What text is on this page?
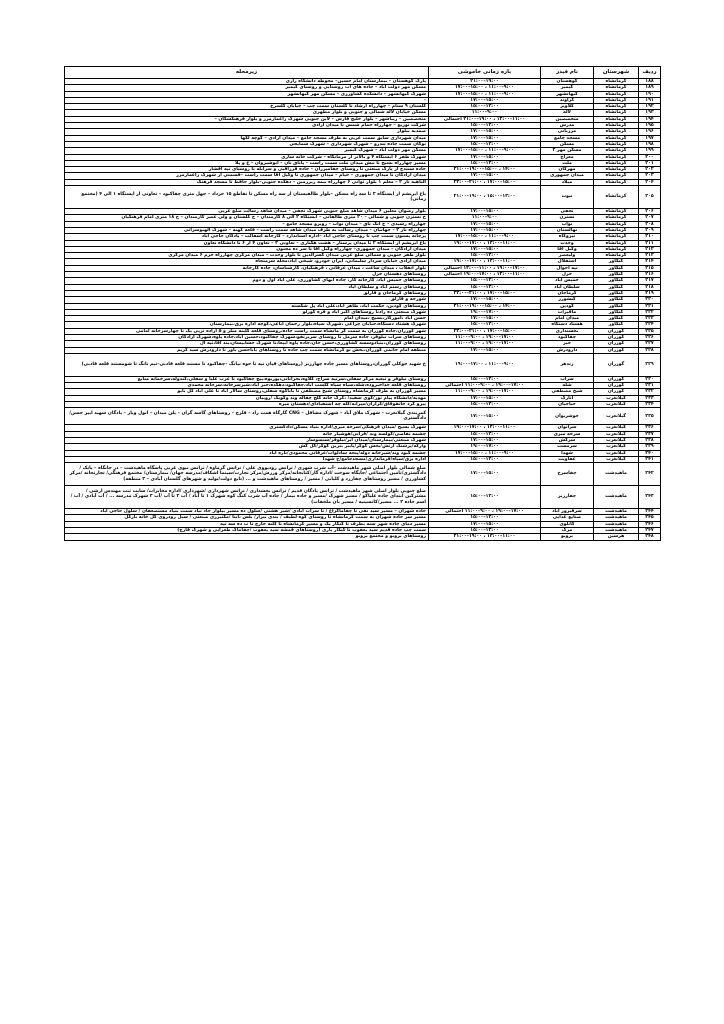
ردیف	شهرستان	نام فیدر	بازه زمانی خاموشی	زیرمحله
۱۸۸	کرمانشاه	کوهستان	۱۹:۰۰–۲۱:۰۰	پارک کوهستان – بیمارستان امام حسین– محوطه دانشگاه رازی
۱۸۹	کرمانشاه	کیمیز	۹:۰۰–۱۱:۰۰ ، ۱۵:۰۰–۱۷:۰۰	مسکن مهر دولت آباد – جاده های آب روستایی و روستای کیمیز
۱۹۰	کرمانشاه	کیهانشهر	۹:۰۰–۱۱:۰۰ ، ۱۵:۰۰–۱۷:۰۰	شهرک کیهانشهر – دانشکده کشاورزی – مسکن مهر کیهانشهر
۱۹۱	کرمانشاه	گراوند	۱۵:۰۰–۱۷:۰۰	-
۱۹۲	کرمانشاه	گلاویژ	۱۳:۰۰–۱۵:۰۰	گلستان ۹ ستام – چهارراه ارشاد تا گلستان سمت چپ – خیابان گلسرخ
۱۹۳	کرمانشاه	لاله	۹:۰۰–۱۱:۰۰	مسکن خیابان لاله شمالی و جنوبی و بلوار مطهری
۱۹۴	کرمانشاه	متخصصین	۱۱:۰۰–۱۳:۰۰ ، ۱۹:۰۰–۲۱:۰۰ احتمالی	متخصصین – زیباشهر – بلوار خلیج فارس – لاین جنوبی شهرک زاغمارمرز و بلوار فرهنگشگان –
۱۹۵	کرمانشاه	مدرس	۱۳:۰۰–۱۵:۰۰	شرکت توزیع – چهارراه حمام شمس تا میدان آزادی
۱۹۶	کرمانشاه	مرزبانی	۱۵:۰۰–۱۷:۰۰	صمدیه بیلوار
۱۹۷	کرمانشاه	مسجد جامع	۱۵:۰۰–۱۷:۰۰	میدان شهرداری سابق سمت غربی به طرف مسجد جامع – میدان آزادی – کوچه لکها
۱۹۸	کرمانشاه	مسکن	۱۳:۰۰–۱۵:۰۰	نوکان سمت جاده تندرو – شهرک شهرداری – شهرک شمایجی
۱۹۹	کرمانشاه	مسکن مهر ۲	۹:۰۰–۱۱:۰۰ ، ۱۵:۰۰–۱۷:۰۰	مسکن مهر دولت آباد – شهرک کیمیز
۲۰۰	کرمانشاه	معراج	۱۵:۰۰–۱۷:۰۰	شهرک ظفر ۶ ایستگاه ۴ و بالاتر از مرمانگاه – شرکت خانه سازی
۲۰۱	کرمانشاه	ملت	۱۳:۰۰–۱۵:۰۰	مسیر چهارراه بسیج تا نبش میدان ملت سمت راست – پاتاق نان – انوشیروان – ع و پلا
۲۰۲	کرمانشاه	مهرگان	۱۴:۰۰ ، ۱۵:۰۰–۱۹:۰۰–۲۱:۰۰	جاده سنندج از پارک صنعتی تا روستای چقامیرزان – جاده فرزاقبی و سرابله تا روستای تپه افشار
۲۰۳	کرمانشاه	میدان جمهوری	۱۵:۰۰–۱۷:۰۰	میدان آزادگان تا میدان جمهوری – خیام – میدان جمهوری تا وکیل آقا سمت راست –قسمتی از شهرک زاغمارمرز
۲۰۴	کرمانشاه	میلاد	۱۵:۰۰–۱۷:۰۰ ، ۲۱:۰۰–۲۳:۰۰	الناهیه تاز ۲ – معلم ۱ بلوار توانی ۶ چهارراه بیمه زیرزمین – دهکده جنوبی–بلوار حافظ تا مسجد فرهنگ
۲۰۵	کرمانشاه	نبوت	۱۳:۰۰–۱۵:۰۰ ، ۱۹:۰۰–۲۱:۰۰	باغ ابریشم از ایستگاه ۲ تا سه راه مسکن –بلوار طالقیستان از سه راه مسکن تا تقاطع ۱۵ خرداد – جهل متری چقاکبود – تعاونی از ایستگاه ۱ الی ۴ (مجتمع زمانی)
۲۰۶	کرمانشاه	نجفی	۱۵:۰۰–۱۷:۰۰	بلوار رضوان معلین ۶ میدان شاهد ضلع جنوبی شهرک نجفی – میدان شاهد رسالت ضلع غربی
۲۰۷	کرمانشاه	نسترن	۹:۰۰–۱۱:۰۰	خ نسترن جنوبی و شمالی – ۲۰ متری طالقانی – ایستگاه ۲ الی ۸ کارمندان – خ گلستان و ولی عصر کارمندان – خ ۱۸ متری امام فرهنگیان
۲۰۸	کرمانشاه	نواب	۱۵:۰۰–۱۷:۰۰	چهارراه رشیدی – خ اتک تاق – میدان نواب – روبرو مسجد جامع –
۲۰۹	کرمانشاه	نهالستان	۱۵:۰۰–۱۷:۰۰	چهارراه تاز ۲ – جهانیان – میدان رسالت به طرف میدان شاهد سمت راست – قلعه کهنه – شهرک الهیوسرانی
۲۱۰	کرمانشاه	نیروگاه	۹:۰۰–۱۱:۰۰ ، ۱۵:۰۰–۱۷:۰۰	پرچانه پستون سمت چپ تا روستای حاجی آباد –اداره استاندارد – کارخانه آسفالت – پادگان حاجی آباد
۲۱۱	کرمانشاه	وحدت	۱۱:۰۰–۱۳:۰۰ ، ۱۷:۰۰–۱۹:۰۰	باغ ابریشم از ایستگاه ۲ تا میدان پرستار – هشت هکتاری – تعاونی ۳ – تعاون ۴ از ۶ تا دانشگاه تعاون
۲۱۲	کرمانشاه	وکیل آقا	۱۵:۰۰–۱۷:۰۰	میدان آزادگان – میدان جمهوری– چهارراه وکیل آقا تا سر ده مجنون
۲۱۳	کرمانشاه	ولیعصر	۱۳:۰۰–۱۵:۰۰	بلوار ظفر جنوبی و شمالی ضلع غربی میدان کسرالدین تا بلوار وحدت – میدان مرکزی چهارراه خرم ۶ میدان مرکزی
۲۱۴	کنگاور	استقلال	۱۱:۰۰–۱۳:۰۰ ، ۱۷:۰۰–۱۹:۰۰	میدان آزادی خیابان سردار سلیمانی، ایران خودرو، شیخی آباد،محله شرمتجاه
۲۱۵	کنگاور	تپه احوال	۱۷:۰۰–۱۹:۰۰ ، ۱۱:۰۰–۱۳:۰۰ احتمالی	بلوار انقلاب ، میدان ساعت ، میدان عرفانی ، فرهنگیان، کارشناسان، جاده کارخانه
۲۱۶	کنگاور	خزل	۱۱:۰۰–۱۳:۰۰ ، ۱۷:۰۰–۱۹:۰۰ احتمالی	روستاهای دهستان خزل
۲۱۷	کنگاور	خمیس آباد	۱۳:۰۰–۱۵:۰۰	روستاهای خمیس آباد، کارخانه کار، جاده ابهای کشاورزی، علی اباد اول و دوم
۲۱۸	کنگاور	سلطان آباد	۱۳:۰۰–۱۵:۰۰	روستاهای رستم اباد و سلطان اباد
۲۱۹	کنگاور	کرماجان	۱۵:۰۰–۱۷:۰۰ ، ۲۱:۰۰–۲۳:۰۰	روستاهای کرماجان و قارلق
۲۲۰	کنگاور	کنشورز	۱۵:۰۰–۱۷:۰۰	شورجه و قارلق
۲۲۱	کنگاور	گودین	۱۴:۰۰ ، ۱۵:۰۰–۱۹:۰۰–۲۱:۰۰	روستاهای گودین، حکمت اباد، طاهر اباد،علی اباد پل شکسته
۲۲۲	کنگاور	مافیرات	۱۷:۰۰–۱۹:۰۰	شهرک صنعتی ده رادتا روستاهای اگبر اباد و فره گوزلو
۲۲۳	کنگاور	میدان امام	۱۵:۰۰–۱۷:۰۰	حسن اباد ،امورکار،بسیج ،میدان امام
۲۲۴	کنگاور	هشتاد دستگاه	۱۳:۰۰–۱۵:۰۰	شهرک هشتاد دستگاه،خیابان چراغی ،شهرک سپاه،بلوار رحمان اباعی،کوچه اداره برق،بیمارستان
۲۲۵	گوزران	بخشنداری	۱۵:۰۰–۱۷:۰۰ ، ۲۱:۰۰–۲۳:۰۰	شهر گوزران،جاده گوزران به سمت کر مانشاه سمت راست جاده،روستای قلعه گلینه متلر و ۵ اراده تربی یک تا چهارسرخانه امامی
۲۲۶	گوزران	چقاکبود	۱۷:۰۰–۱۹:۰۰ ، ۹:۰۰–۱۱:۰۰	روستاهای سراب نیلوفر، جاده سرمل تا روستای سربرنقو،شهرک چقاکبود،حسین آباد،جاده پاوه،شهرک آزادگان
۲۲۷	گوزران	خبر	۱۷:۰۰–۱۹:۰۰ ، ۹:۰۰–۱۱:۰۰	روستاهای گوزران،بنیادوسسه کشاورزی،حسن خان،جاده پاوه ابیعا،تا شهرک خشاییسان،بند آقا،تپه ال
۲۲۸	گوزران	دارودرش	۱۵:۰۰–۱۷:۰۰	منطقه امام حاتمی گوزران،بخش نو کرمانشاه سمت چپ جاده تا روستاهای باباحسن باور تا دارودرش سید کریم
۲۲۹	گوزران	زندهر	۹:۰۰–۱۱:۰۰ ، ۱۷:۰۰–۱۹:۰۰	خ شهید جوکلی گوزران،روستاهای مسیر جاده چهارزبر (روستاهای قپان تپه تا حوه نیانگ –چقاکبود تا مستند قلعه قادبی–تیم نانگ تا شومستند قلعه قادبی)
۲۳۰	گوزران	سراب	۱۳:۰۰–۱۵:۰۰	روستای نیلوفر و تبعیه مرکز سقلی،سرتپه سراج، کلاوه،بحرآنانی،پوربوه،پیچ چقاکبود تا عرب علیا و سقلی،کندوله،سرخمانه منابع
۲۳۱	گوزران	شله	۱۷:۰۰–۱۹:۰۰ ، ۹:۰۰–۱۱:۰۰ احتمالی	روستاهای قلعه خداحبروده،شله،سیاه سیاه گلست آباد،چقاکبود،دهکده،جبر آباد،شیرسرخانه،سرخانه محمدی
۲۳۲	گوزران	شیخ مصطفی	۱۷:۰۰–۱۹:۰۰ ، ۹:۰۰–۱۱:۰۰	مسیر گوزران به طرف کرمانشاه روستای شیخ مصطفی تا باباکوه سقلی،روستای سالار آباد تا علی آباد کل بابو
۲۳۳	گیلانغرب	اتارک	۱۵:۰۰–۱۷:۰۰	مهدیه/دانشگاه پیام نور/کوی سفید/ ،گرگ خانه گلج چقاله وند وکویک /روبیان
۲۳۴	گیلانغرب	حیاجیان	۱۳:۰۰–۱۵:۰۰	پیرو کرد خانقوقاق/گرازان/میرآبه/کله چه استقبادای/دهستان میره
۲۳۵	گیلانغرب	خوشریوان	۱۵:۰۰–۱۷:۰۰	کمربندی گیلانغرب – شهرک ملاق آباد – شهرک مشافل – CNG گارگاه همت زاد – قلرچ – روستاهای گاسه گران – پلن میدان – انول وباز – پادگان شهید ابیر حسن/دادگستری
۲۳۶	گیلانغرب	سرانوان	۱۱:۰۰–۱۳:۰۰ ، ۱۷:۰۰–۱۹:۰۰	شهرک بسیج /میدان فرهنگی/سرخه میری/اداره بنیاد مسکن/دادگستری
۲۳۷	گیلانغرب	سرخه میری	۱۳:۰۰–۱۵:۰۰	چشمه تقاضی/کولسه وند /فراتی/هوشیار جانه
۲۳۸	گیلانغرب	سرکش	۱۵:۰۰–۱۷:۰۰	شهرک صنعتی/بیمارستان/میدان آبر/نیلوفر/سنسوسار
۲۳۹	گیلانغرب	سرمست	۱۷:۰۰–۱۹:۰۰	وارگه/پرشنگ ارتش/بخش کوکر/پایبر بنزین کوکر/گل گش
۲۴۰	گیلانغرب	شهدا	۹:۰۰–۱۱:۰۰ ، ۱۵:۰۰–۱۷:۰۰	چشمه کبود وند/شیرخانه دوله/پنجه سادلوات/عرفانی محمودی/تازه آباد
۲۴۱	گیلانغرب	عفاویت	۱۳:۰۰–۱۵:۰۰	اداره برق/سپاه/فرمانداری/مسجدجامع/خ شهدا
۲۴۲	ماهیدشت	چقاسرخ	۱۵:۰۰–۱۷:۰۰	ضلع شمالی بلوار اصلی شهر ماهیدشت –آب شرب شهری / ترانس رودپووی علی / ترانس گرماوه / ترانس نیوی غربی پاسگاه ماهیدشت – در خانگاه – بانک /دادگستری/تامین اجتماعی /جایگاه سوخت /اداره گاز/کتابخانه/مرکز ورزش/مرکز تجارت/سینما اشکاف/مدرسه جهان/ بیمارستان/ مجتمع فرهنگی/ تجارتخانه /مرکز کشاورزی / مسیر روستاهای چقارزد و کلیابی / مسیر / روستاهای ماهیدشت و ... (تابع دولت/تولید و شهرهای گلستان آبادی – ۳ منطقه)
۲۴۳	ماهیدشت	چقارزبر	۱۳:۰۰–۱۵:۰۰	ضلع جنوبی بلوار اصلی شهر ماهیدشت / ترانس پادگان قدیم / ترانس بخشداری / ترانس شهرداری /شهرداری /اداره مخابرات/ سایت ثبت مهندس ارشی / مشترکین ابتدای جاده علیاکو / مسیر شهرک /مسیر و جاده بیمار / جاده آب شرب کنگ کوه شهرک ۱ تا آباد / آب ۲ تا آب /آب ۳ شهرک مدرسه ... / آب آبادی / آب /اسم جاده ۳ ... مسیر/کانسینیه / مسیر بان ملحقات)
۲۴۴	ماهیدشت	سرفیروز آباد	۱۷:۰۰–۱۹:۰۰ ، ۹:۰۰–۱۱:۰۰ احتمالی	جاده شهران – مسیر سید نقی تا چقاماکزاغ / تا سراب آبادی /شیر هشتی /سلول ده مسیر بیلوار خاد نیاد سمت بنیاد مستضعفان / سلول حاجی آباد
۲۴۵	ماهیدشت	صنایع غذایی	۱۳:۰۰–۱۵:۰۰	مسیر سر جاده شهران به سمت کرمانشاه تا روستای کوه لطیف / بندی بیزار/ بلس ،آبتا /مکتبرزی صنعتی / سیل رودروی گل خانه بازگل
۲۴۶	ماهیدشت	کانلوی	۱۵:۰۰–۱۷:۰۰	مسیر دمای جاده شهر سنه بطرف تا کنگار یک و مسیر کرمانشاه تا کلنه خارج تا ب ده سه تپه
۲۴۷	ماهیدشت	مرگ	۱۳:۰۰–۱۵:۰۰	سمت چپ جاده قدیم سید یعقوب تا کنگار یاری (روستاهای قمشه سید یعقوب /چقاماک طغرایی و شهرک قارچ)
۲۴۸	هرسین	بروبو	۱۱:۰۰–۱۳:۰۰ ، ۱۹:۰۰–۲۱:۰۰	روستاهای بروبو و مجتمع بروبو
